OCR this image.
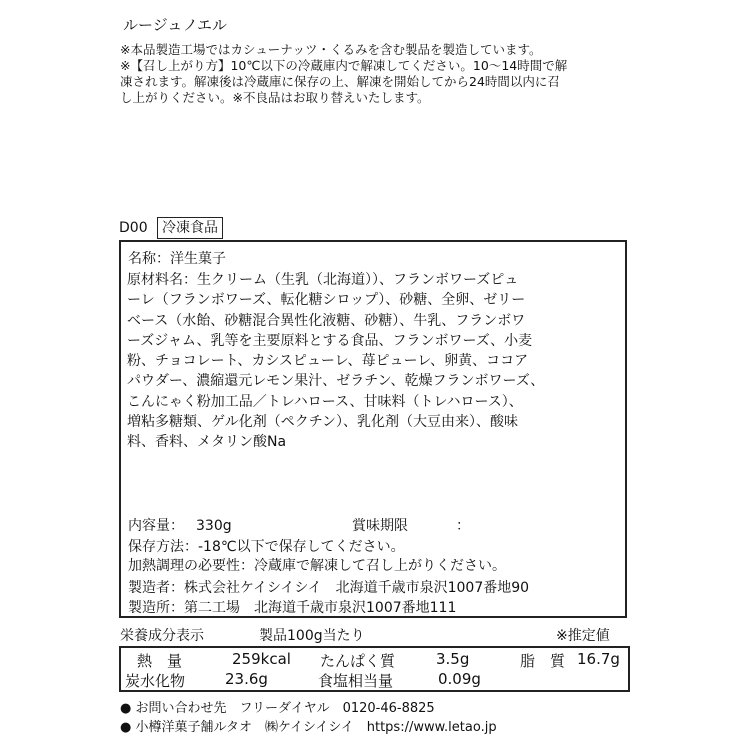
ルージュノエル
※本品製造工場ではカシューナッツ・くるみを含む製品を製造しています。
※【召し上がり方】10℃以下の冷蔵庫内で解凍してください。10～14時間で解
凍されます。解凍後は冷蔵庫に保存の上、解凍を開始してから24時間以内に召
し上がりください。※不良品はお取り替えいたします。
D00	冷凍食品
名称：洋生菓子
原材料名：生クリーム（生乳（北海道））、フランボワーズピュ
ーレ（フランボワーズ、転化糖シロップ）、砂糖、全卵、ゼリー
ベース（水飴、砂糖混合異性化液糖、砂糖）、牛乳、フランボワ
ーズジャム、乳等を主要原料とする食品、フランボワーズ、小麦
粉、チョコレート、カシスピューレ、苺ピューレ、卵黄、ココア
パウダー、濃縮還元レモン果汁、ゼラチン、乾燥フランボワーズ、
こんにゃく粉加工品／トレハロース、甘味料（トレハロース）、
増粘多糖類、ゲル化剤（ペクチン）、乳化剤（大豆由来）、酸味
料、香料、メタリン酸Na
内容量： 330g	賞味期限	：
保存方法：-18℃以下で保存してください。
加熱調理の必要性：冷蔵庫で解凍して召し上がりください。
製造者：株式会社ケイシイシイ　北海道千歳市泉沢1007番地90
製造所：第二工場　北海道千歳市泉沢1007番地111
栄養成分表示	製品100g当たり	※推定値
熱　量	259kcal たんぱく質	3.5g	脂　質 16.7g
炭水化物	23.6g	食塩相当量	0.09g
● お問い合わせ先　フリーダイヤル　0120-46-8825
● 小樽洋菓子舗ルタオ　㈱ケイシイシイ　https://www.letao.jp
